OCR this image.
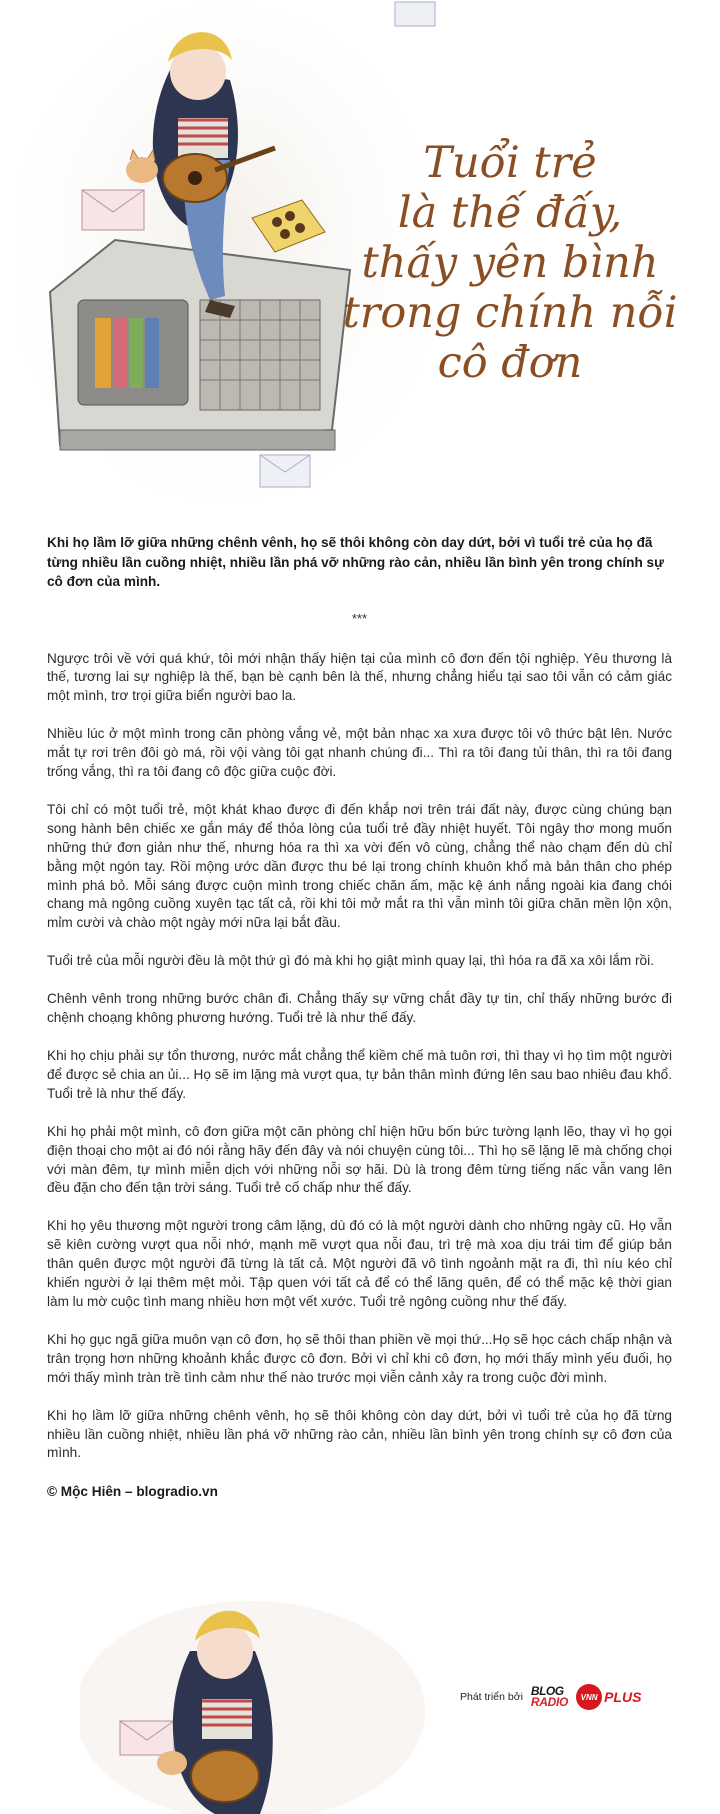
Tuổi trẻ
là thế đấy,
thấy yên bình
trong chính nỗi
cô đơn

Khi họ lầm lỡ giữa những chênh vênh, họ sẽ thôi không còn day dứt, bởi vì tuổi trẻ của họ đã từng nhiều lần cuồng nhiệt, nhiều lần phá vỡ những rào cản, nhiều lần bình yên trong chính sự cô đơn của mình.

***

Ngược trôi về với quá khứ, tôi mới nhận thấy hiện tại của mình cô đơn đến tội nghiệp. Yêu thương là thế, tương lai sự nghiệp là thế, bạn bè cạnh bên là thế, nhưng chẳng hiểu tại sao tôi vẫn có cảm giác một mình, trơ trọi giữa biển người bao la.

Nhiều lúc ở một mình trong căn phòng vắng vẻ, một bản nhạc xa xưa được tôi vô thức bật lên. Nước mắt tự rơi trên đôi gò má, rồi vội vàng tôi gạt nhanh chúng đi... Thì ra tôi đang tủi thân, thì ra tôi đang trống vắng, thì ra tôi đang cô độc giữa cuộc đời.

Tôi chỉ có một tuổi trẻ, một khát khao được đi đến khắp nơi trên trái đất này, được cùng chúng bạn song hành bên chiếc xe gắn máy để thỏa lòng của tuổi trẻ đầy nhiệt huyết. Tôi ngây thơ mong muốn những thứ đơn giản như thế, nhưng hóa ra thì xa vời đến vô cùng, chẳng thể nào chạm đến dù chỉ bằng một ngón tay. Rồi mộng ước dần được thu bé lại trong chính khuôn khổ mà bản thân cho phép mình phá bỏ. Mỗi sáng được cuộn mình trong chiếc chăn ấm, mặc kệ ánh nắng ngoài kia đang chói chang mà ngông cuồng xuyên tạc tất cả, rồi khi tôi mở mắt ra thì vẫn mình tôi giữa chăn mền lộn xộn, mỉm cười và chào một ngày mới nữa lại bắt đầu.

Tuổi trẻ của mỗi người đều là một thứ gì đó mà khi họ giật mình quay lại, thì hóa ra đã xa xôi lắm rồi.

Chênh vênh trong những bước chân đi. Chẳng thấy sự vững chắt đầy tự tin, chỉ thấy những bước đi chệnh choạng không phương hướng. Tuổi trẻ là như thế đấy.

Khi họ chịu phải sự tổn thương, nước mắt chẳng thể kiềm chế mà tuôn rơi, thì thay vì họ tìm một người để được sẻ chia an ủi... Họ sẽ im lặng mà vượt qua, tự bản thân mình đứng lên sau bao nhiêu đau khổ. Tuổi trẻ là như thế đấy.

Khi họ phải một mình, cô đơn giữa một căn phòng chỉ hiện hữu bốn bức tường lạnh lẽo, thay vì họ gọi điện thoại cho một ai đó nói rằng hãy đến đây và nói chuyện cùng tôi... Thì họ sẽ lặng lẽ mà chống chọi với màn đêm, tự mình miễn dịch với những nỗi sợ hãi. Dù là trong đêm từng tiếng nấc vẫn vang lên đều đặn cho đến tận trời sáng. Tuổi trẻ cố chấp như thế đấy.

Khi họ yêu thương một người trong câm lặng, dù đó có là một người dành cho những ngày cũ. Họ vẫn sẽ kiên cường vượt qua nỗi nhớ, mạnh mẽ vượt qua nỗi đau, trì trệ mà xoa dịu trái tim để giúp bản thân quên được một người đã từng là tất cả. Một người đã vô tình ngoảnh mặt ra đi, thì níu kéo chỉ khiến người ở lại thêm mệt mỏi. Tập quen với tất cả để có thể lãng quên, để có thể mặc kệ thời gian làm lu mờ cuộc tình mang nhiều hơn một vết xước. Tuổi trẻ ngông cuồng như thế đấy.

Khi họ gục ngã giữa muôn vạn cô đơn, họ sẽ thôi than phiền về mọi thứ...Họ sẽ học cách chấp nhận và trân trọng hơn những khoảnh khắc được cô đơn. Bởi vì chỉ khi cô đơn, họ mới thấy mình yếu đuối, họ mới thấy mình tràn trề tình cảm như thế nào trước mọi viễn cảnh xảy ra trong cuộc đời mình.

Khi họ lầm lỡ giữa những chênh vênh, họ sẽ thôi không còn day dứt, bởi vì tuổi trẻ của họ đã từng nhiều lần cuồng nhiệt, nhiều lần phá vỡ những rào cản, nhiều lần bình yên trong chính sự cô đơn của mình.

© Mộc Hiên – blogradio.vn
Phát triển bởi BLOG
RADIO	VNN PLUS
